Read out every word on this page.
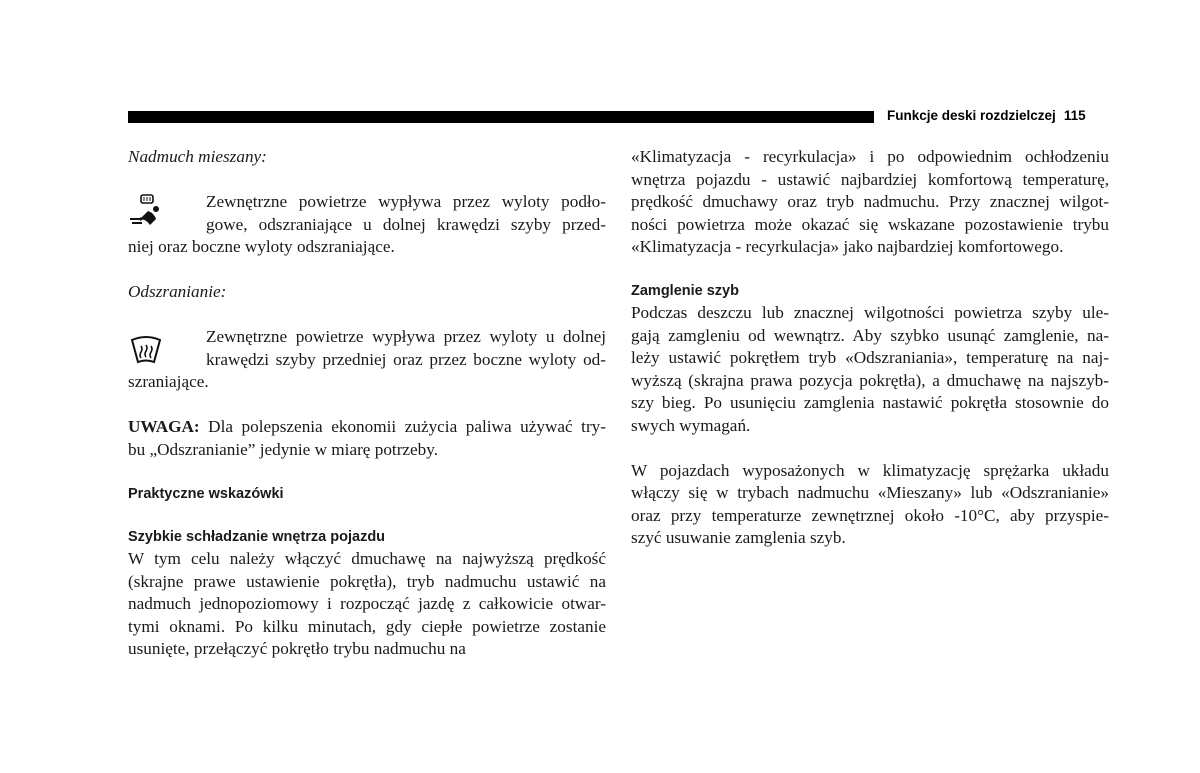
Funkcje deski rozdzielczej 115
Nadmuch mieszany:
Zewnętrzne powietrze wypływa przez wyloty podło-
gowe, odszraniające u dolnej krawędzi szyby przed-
niej oraz boczne wyloty odszraniające.
Odszranianie:
Zewnętrzne powietrze wypływa przez wyloty u dolnej
krawędzi szyby przedniej oraz przez boczne wyloty od-
szraniające.
UWAGA: Dla polepszenia ekonomii zużycia paliwa używać try-
bu „Odszranianie” jedynie w miarę potrzeby.
Praktyczne wskazówki
Szybkie schładzanie wnętrza pojazdu
W tym celu należy włączyć dmuchawę na najwyższą prędkość
(skrajne prawe ustawienie pokrętła), tryb nadmuchu ustawić na
nadmuch jednopoziomowy i rozpocząć jazdę z całkowicie otwar-
tymi oknami. Po kilku minutach, gdy ciepłe powietrze zostanie
usunięte, przełączyć pokrętło trybu nadmuchu na
«Klimatyzacja - recyrkulacja» i po odpowiednim ochłodzeniu
wnętrza pojazdu - ustawić najbardziej komfortową temperaturę,
prędkość dmuchawy oraz tryb nadmuchu. Przy znacznej wilgot-
ności powietrza może okazać się wskazane pozostawienie trybu
«Klimatyzacja - recyrkulacja» jako najbardziej komfortowego.
Zamglenie szyb
Podczas deszczu lub znacznej wilgotności powietrza szyby ule-
gają zamgleniu od wewnątrz. Aby szybko usunąć zamglenie, na-
leży ustawić pokrętłem tryb «Odszraniania», temperaturę na naj-
wyższą (skrajna prawa pozycja pokrętła), a dmuchawę na najszyb-
szy bieg. Po usunięciu zamglenia nastawić pokrętła stosownie do
swych wymagań.
W pojazdach wyposażonych w klimatyzację sprężarka układu
włączy się w trybach nadmuchu «Mieszany» lub «Odszranianie»
oraz przy temperaturze zewnętrznej około -10°C, aby przyspie-
szyć usuwanie zamglenia szyb.
